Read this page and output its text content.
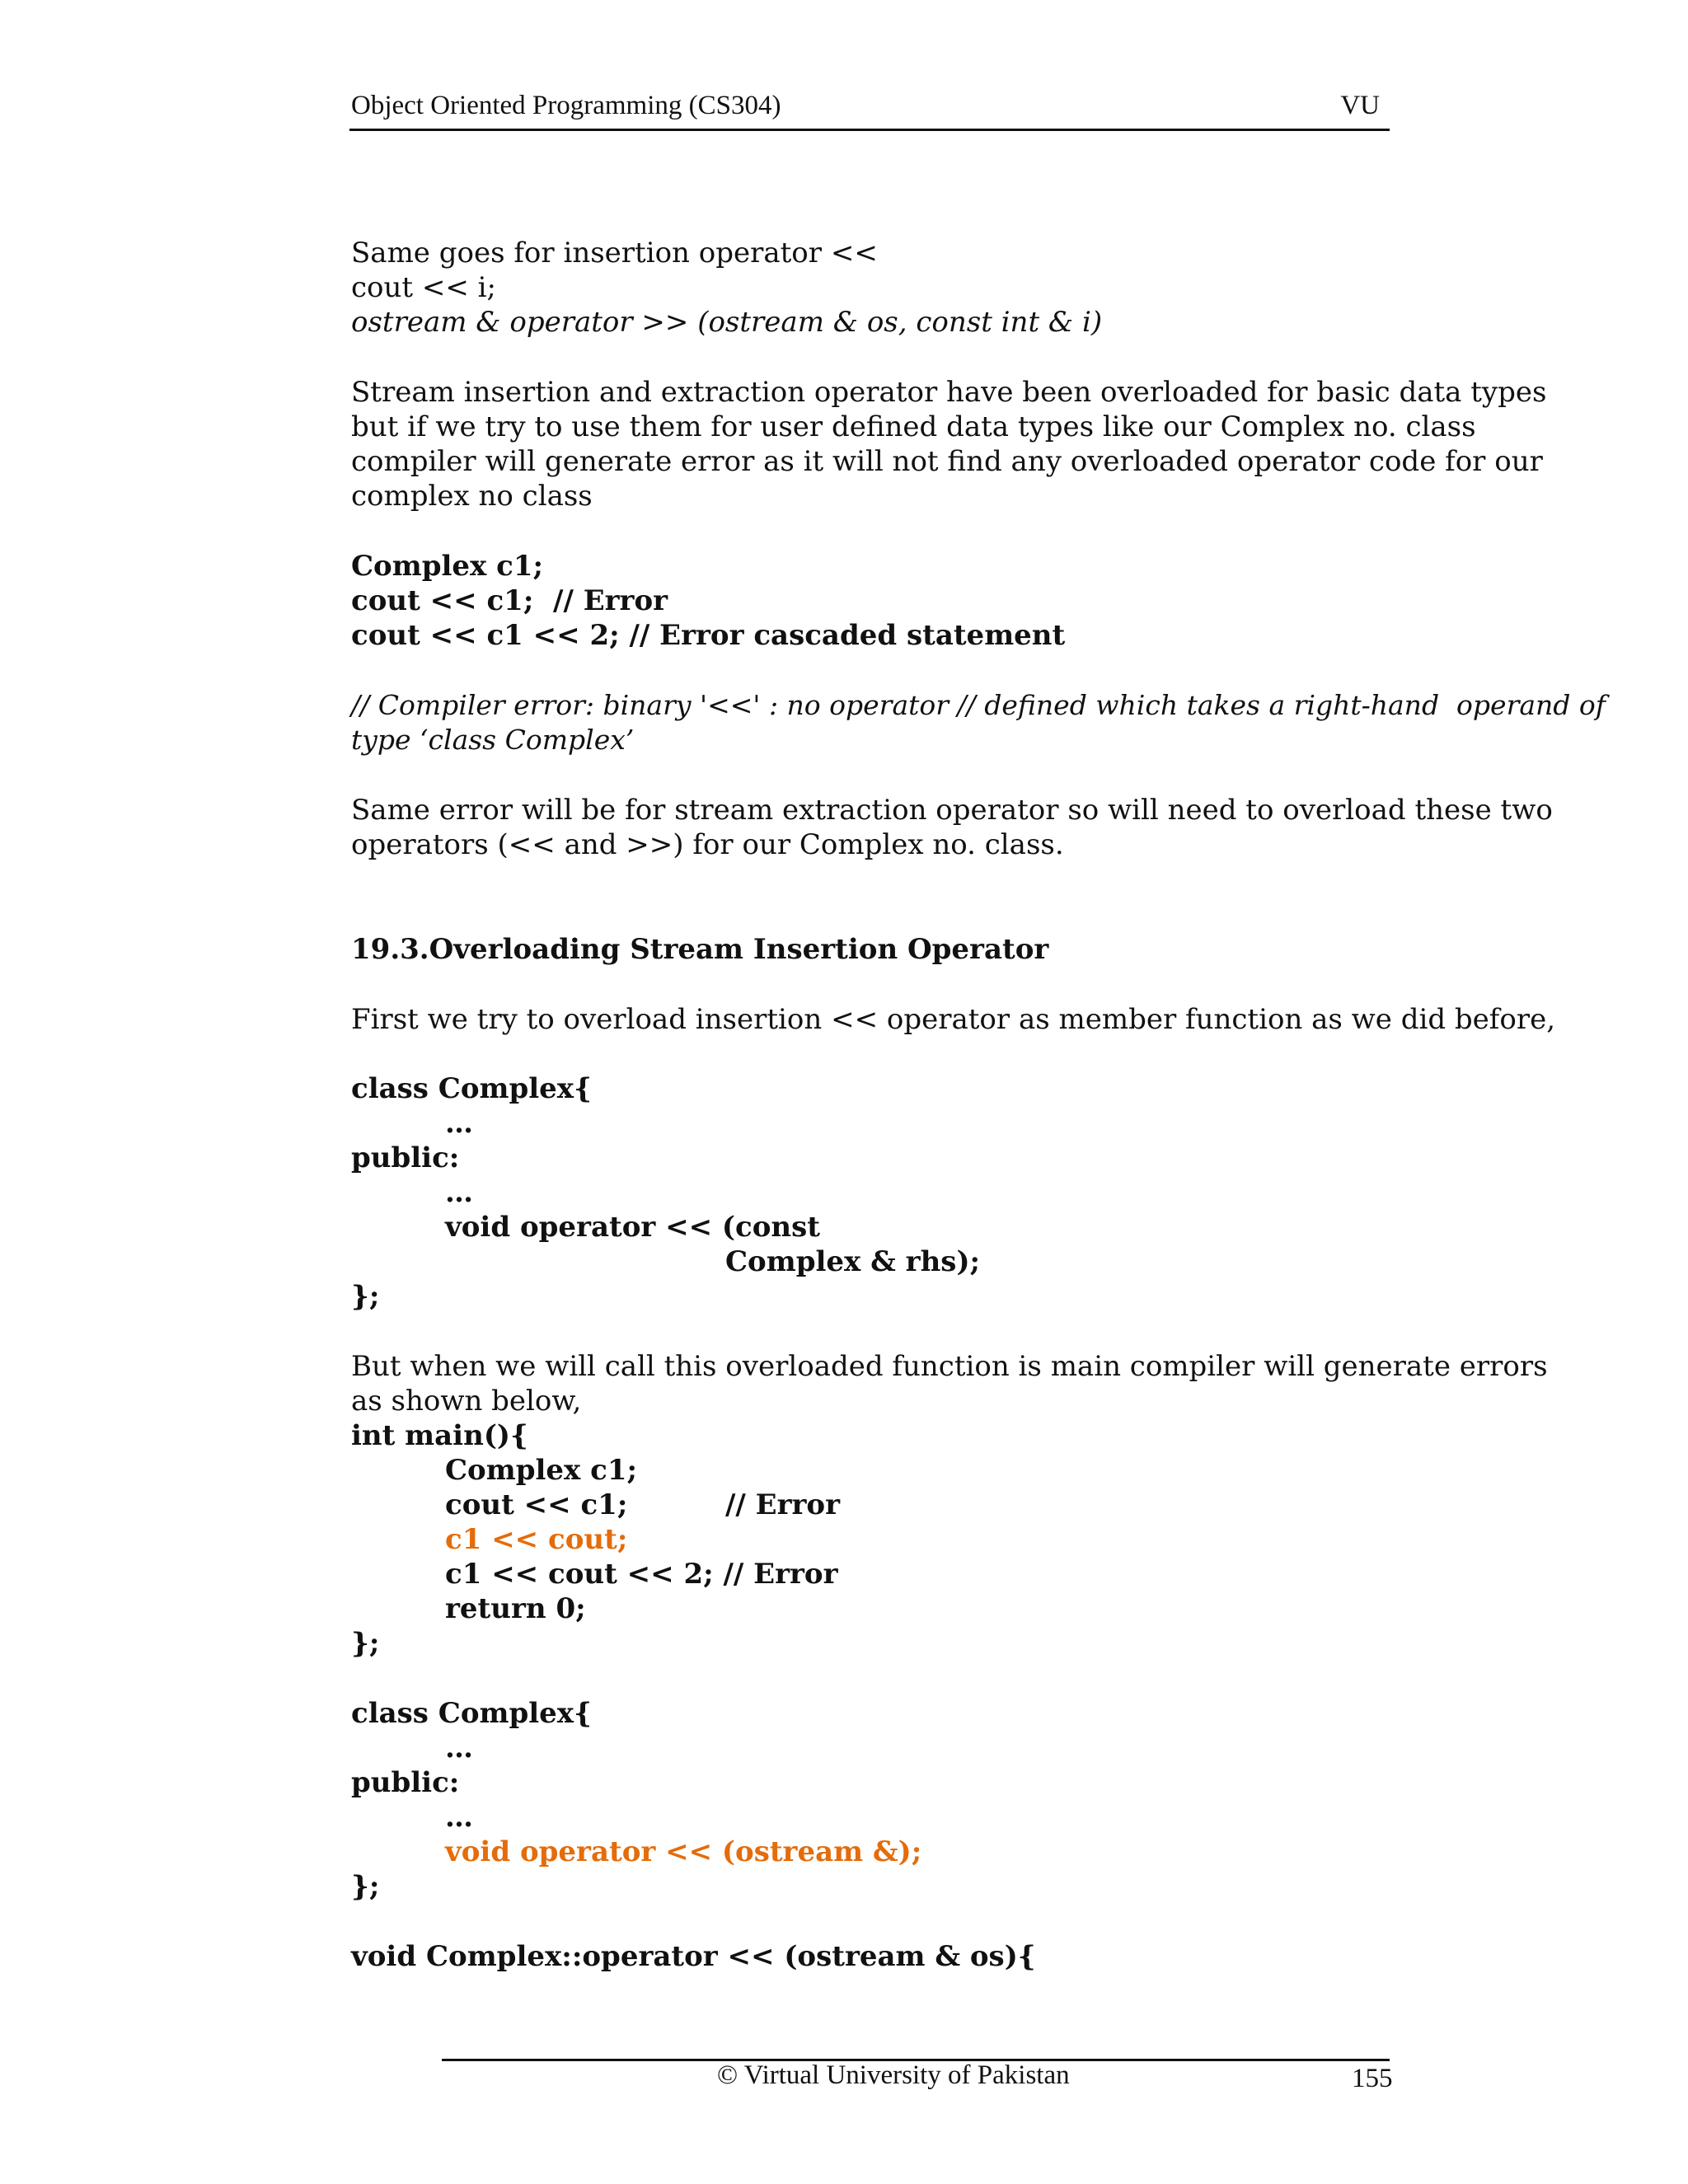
Object Oriented Programming (CS304)	VU
Same goes for insertion operator <<
cout << i;
ostream & operator >> (ostream & os, const int & i)
Stream insertion and extraction operator have been overloaded for basic data types
but if we try to use them for user defined data types like our Complex no. class
compiler will generate error as it will not find any overloaded operator code for our
complex no class
Complex c1;
cout << c1;  // Error
cout << c1 << 2; // Error cascaded statement
// Compiler error: binary '<<' : no operator // defined which takes a right-hand  operand of
type ‘class Complex’
Same error will be for stream extraction operator so will need to overload these two
operators (<< and >>) for our Complex no. class.
19.3.Overloading Stream Insertion Operator
First we try to overload insertion << operator as member function as we did before,
class Complex{
…
public:
…
void operator << (const
Complex & rhs);
};
But when we will call this overloaded function is main compiler will generate errors
as shown below,
int main(){
Complex c1;
cout << c1;	// Error
c1 << cout;
c1 << cout << 2; // Error
return 0;
};
class Complex{
…
public:
…
void operator << (ostream &);
};
void Complex::operator << (ostream & os){
© Virtual University of Pakistan	155
